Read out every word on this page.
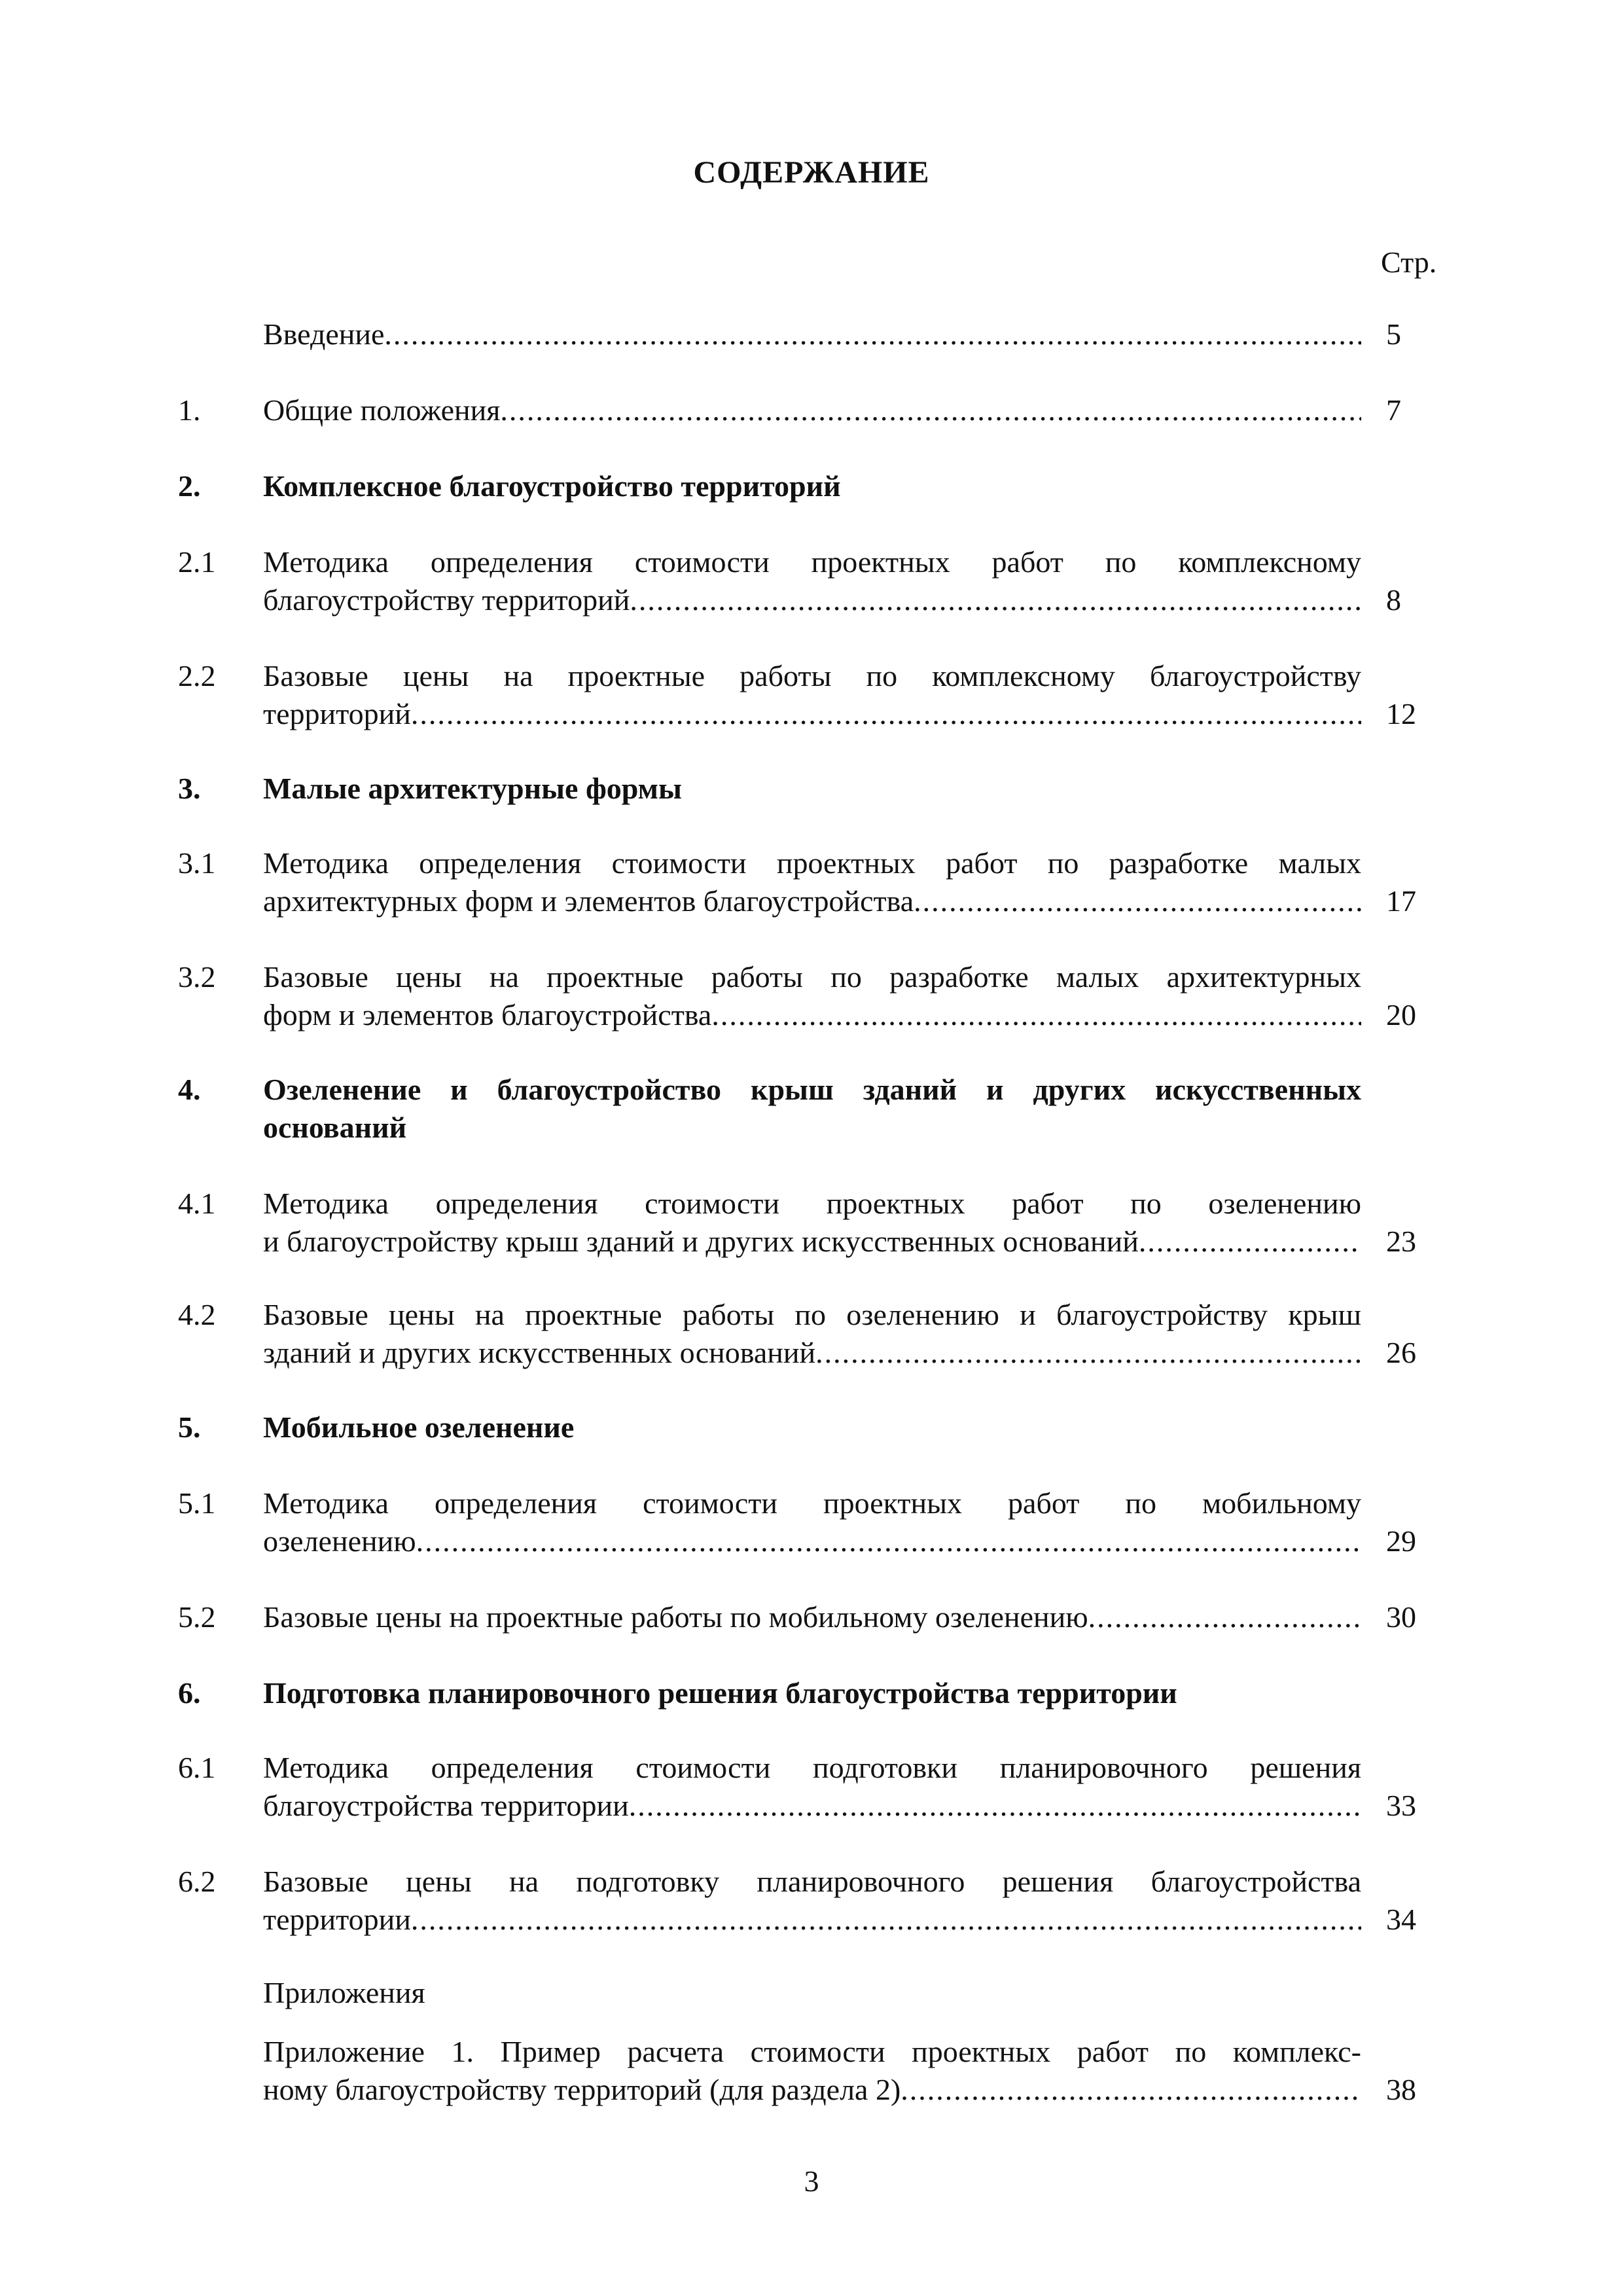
СОДЕРЖАНИЕ
Стр.
Введение .....	5
1.	Общие положения .....	7
2.	Комплексное благоустройство территорий
2.1	Методика определения стоимости проектных работ по комплексному
благоустройству территорий .....	8
2.2	Базовые цены на проектные работы по комплексному благоустройству
территорий .....	12
3.	Малые архитектурные формы
3.1	Методика определения стоимости проектных работ по разработке малых
архитектурных форм и элементов благоустройства .....	17
3.2	Базовые цены на проектные работы по разработке малых архитектурных
форм и элементов благоустройства .....	20
4.	Озеленение и благоустройство крыш зданий и других искусственных
оснований
4.1	Методика определения стоимости проектных работ по озеленению
и благоустройству крыш зданий и других искусственных оснований .....	23
4.2	Базовые цены на проектные работы по озеленению и благоустройству крыш
зданий и других искусственных оснований .....	26
5.	Мобильное озеленение
5.1	Методика определения стоимости проектных работ по мобильному
озеленению .....	29
5.2	Базовые цены на проектные работы по мобильному озеленению .....	30
6.	Подготовка планировочного решения благоустройства территории
6.1	Методика определения стоимости подготовки планировочного решения
благоустройства территории .....	33
6.2	Базовые цены на подготовку планировочного решения благоустройства
территории .....	34
Приложения
Приложение 1. Пример расчета стоимости проектных работ по комплекс-
ному благоустройству территорий (для раздела 2) .....	38
3
